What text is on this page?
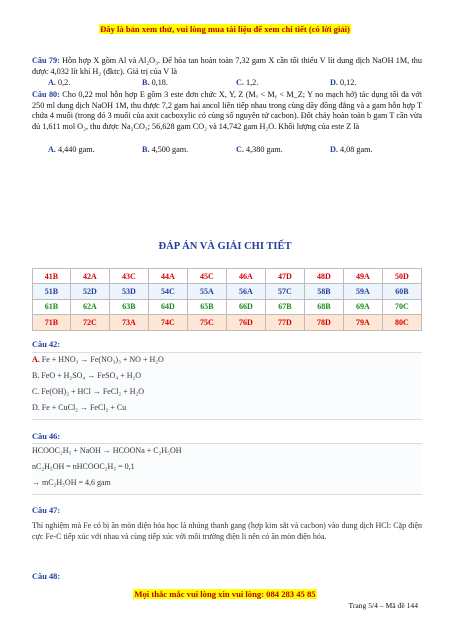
Đây là bản xem thử, vui lòng mua tài liệu để xem chi tiết (có lời giải)
Câu 79: Hỗn hợp X gồm Al và Al₂O₃. Để hòa tan hoàn toàn 7,32 gam X cần tối thiểu V lít dung dịch NaOH 1M, thu được 4,032 lít khí H₂ (đktc). Giá trị của V là
A. 0,2.	B. 0,18.	C. 1,2.	D. 0,12.
Câu 80: Cho 0,22 mol hỗn hợp E gồm 3 este đơn chức X, Y, Z (Mₓ < Mᵧ < M_Z; Y no mạch hở) tác dụng tối đa với 250 ml dung dịch NaOH 1M, thu được 7,2 gam hai ancol liên tiếp nhau trong cùng dãy đồng đẳng và a gam hỗn hợp T chứa 4 muối (trong đó 3 muối của axit cacboxylic có cùng số nguyên tử cacbon). Đốt cháy hoàn toàn b gam T cần vừa đủ 1,611 mol O₂, thu được Na₂CO₃; 56,628 gam CO₂ và 14,742 gam H₂O. Khối lượng của este Z là
A. 4,440 gam.	B. 4,500 gam.	C. 4,380 gam.	D. 4,08 gam.
ĐÁP ÁN VÀ GIẢI CHI TIẾT
41B	42A	43C	44A	45C	46A	47D	48D	49A	50D
51B	52D	53D	54C	55A	56A	57C	58B	59A	60B
61B	62A	63B	64D	65B	66D	67B	68B	69A	70C
71B	72C	73A	74C	75C	76D	77D	78D	79A	80C
Câu 42:
A. Fe + HNO₃ → Fe(NO₃)₃ + NO + H₂O
B. FeO + H₂SO₄ → FeSO₄ + H₂O
C. Fe(OH)₂ + HCl → FeCl₂ + H₂O
D. Fe + CuCl₂ → FeCl₂ + Cu
Câu 46:
HCOOC₂H₅ + NaOH → HCOONa + C₂H₅OH
nC₂H₅OH = nHCOOC₂H₅ = 0,1
→ mC₂H₅OH = 4,6 gam
Câu 47:
Thí nghiệm mà Fe có bị ăn mòn điện hóa học là nhúng thanh gang (hợp kim sắt và cacbon) vào dung dịch HCl: Cặp điện cực Fe-C tiếp xúc với nhau và cùng tiếp xúc với môi trường điện li nên có ăn mòn điện hóa.
Câu 48:
Mọi thắc mắc vui lòng xin vui lòng: 084 283 45 85
Trang 5/4 – Mã đề 144
